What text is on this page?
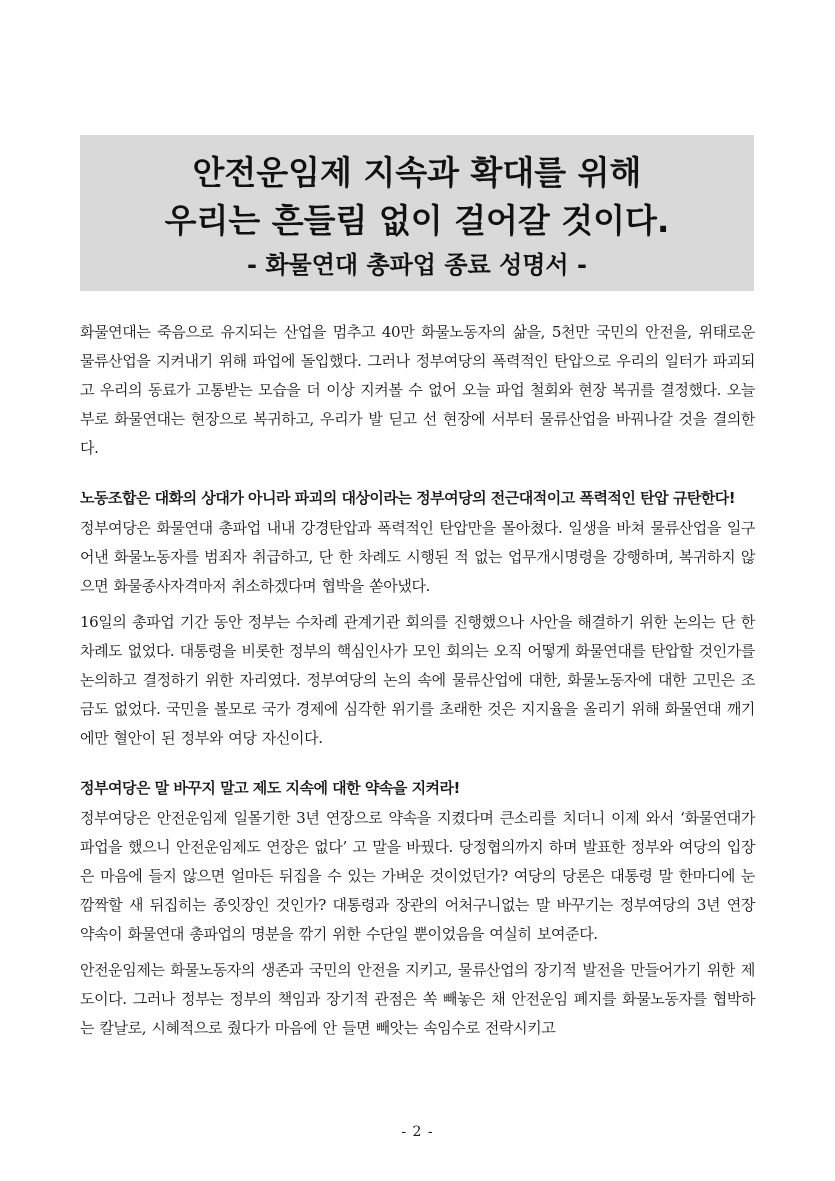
안전운임제 지속과 확대를 위해
우리는 흔들림 없이 걸어갈 것이다.
- 화물연대 총파업 종료 성명서 -

화물연대는 죽음으로 유지되는 산업을 멈추고 40만 화물노동자의 삶을, 5천만 국민의 안전을, 위태로운 물류산업을 지켜내기 위해 파업에 돌입했다. 그러나 정부여당의 폭력적인 탄압으로 우리의 일터가 파괴되고 우리의 동료가 고통받는 모습을 더 이상 지켜볼 수 없어 오늘 파업 철회와 현장 복귀를 결정했다. 오늘 부로 화물연대는 현장으로 복귀하고, 우리가 발 딛고 선 현장에 서부터 물류산업을 바꿔나갈 것을 결의한다.

노동조합은 대화의 상대가 아니라 파괴의 대상이라는 정부여당의 전근대적이고 폭력적인 탄압 규탄한다!

정부여당은 화물연대 총파업 내내 강경탄압과 폭력적인 탄압만을 몰아쳤다. 일생을 바쳐 물류산업을 일구어낸 화물노동자를 범죄자 취급하고, 단 한 차례도 시행된 적 없는 업무개시명령을 강행하며, 복귀하지 않으면 화물종사자격마저 취소하겠다며 협박을 쏟아냈다.

16일의 총파업 기간 동안 정부는 수차례 관계기관 회의를 진행했으나 사안을 해결하기 위한 논의는 단 한 차례도 없었다. 대통령을 비롯한 정부의 핵심인사가 모인 회의는 오직 어떻게 화물연대를 탄압할 것인가를 논의하고 결정하기 위한 자리였다. 정부여당의 논의 속에 물류산업에 대한, 화물노동자에 대한 고민은 조금도 없었다. 국민을 볼모로 국가 경제에 심각한 위기를 초래한 것은 지지율을 올리기 위해 화물연대 깨기에만 혈안이 된 정부와 여당 자신이다.

정부여당은 말 바꾸지 말고 제도 지속에 대한 약속을 지켜라!

정부여당은 안전운임제 일몰기한 3년 연장으로 약속을 지켰다며 큰소리를 치더니 이제 와서 ‘화물연대가 파업을 했으니 안전운임제도 연장은 없다’ 고 말을 바꿨다. 당정협의까지 하며 발표한 정부와 여당의 입장은 마음에 들지 않으면 얼마든 뒤집을 수 있는 가벼운 것이었던가? 여당의 당론은 대통령 말 한마디에 눈 깜짝할 새 뒤집히는 종잇장인 것인가? 대통령과 장관의 어처구니없는 말 바꾸기는 정부여당의 3년 연장 약속이 화물연대 총파업의 명분을 깎기 위한 수단일 뿐이었음을 여실히 보여준다.

안전운임제는 화물노동자의 생존과 국민의 안전을 지키고, 물류산업의 장기적 발전을 만들어가기 위한 제도이다. 그러나 정부는 정부의 책임과 장기적 관점은 쏙 빼놓은 채 안전운임 폐지를 화물노동자를 협박하는 칼날로, 시혜적으로 줬다가 마음에 안 들면 빼앗는 속임수로 전락시키고

- 2 -
